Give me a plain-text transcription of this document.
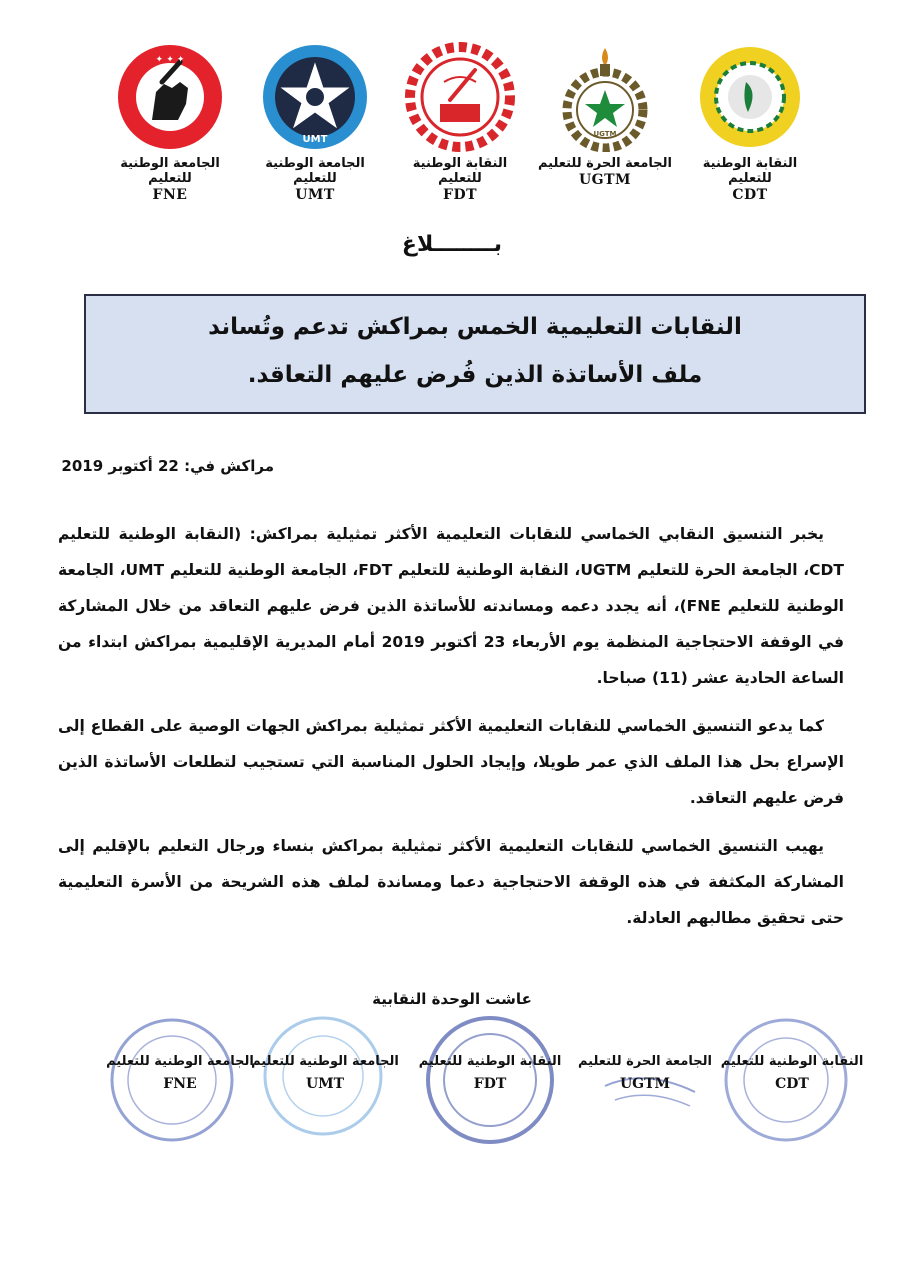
✦ ✦ ✦
الجامعة الوطنية للتعليم
FNE
UMT
الجامعة الوطنية للتعليم
UMT
النقابة الوطنية للتعليم
FDT
UGTM
الجامعة الحرة للتعليم
UGTM
النقابة الوطنية للتعليم
CDT
بــــــــلاغ
النقابات التعليمية الخمس بمراكش تدعم وتُساند
ملف الأساتذة الذين فُرض عليهم التعاقد.
مراكش في: 22 أكتوبر 2019

يخبر التنسيق النقابي الخماسي للنقابات التعليمية الأكثر تمثيلية بمراكش: (النقابة الوطنية للتعليم CDT، الجامعة الحرة للتعليم UGTM، النقابة الوطنية للتعليم FDT، الجامعة الوطنية للتعليم UMT، الجامعة الوطنية للتعليم FNE)، أنه يجدد دعمه ومساندته للأساتذة الذين فرض عليهم التعاقد من خلال المشاركة في الوقفة الاحتجاجية المنظمة يوم الأربعاء 23 أكتوبر 2019 أمام المديرية الإقليمية بمراكش ابتداء من الساعة الحادية عشر (11) صباحا.

كما يدعو التنسيق الخماسي للنقابات التعليمية الأكثر تمثيلية بمراكش الجهات الوصية على القطاع إلى الإسراع بحل هذا الملف الذي عمر طويلا، وإيجاد الحلول المناسبة التي تستجيب لتطلعات الأساتذة الذين فرض عليهم التعاقد.

يهيب التنسيق الخماسي للنقابات التعليمية الأكثر تمثيلية بمراكش بنساء ورجال التعليم بالإقليم إلى المشاركة المكثفة في هذه الوقفة الاحتجاجية دعما ومساندة لملف هذه الشريحة من الأسرة التعليمية حتى تحقيق مطالبهم العادلة.

عاشت الوحدة النقابية
الجامعة الوطنية للتعليم
FNE
الجامعة الوطنية للتعليم
UMT
النقابة الوطنية للتعليم
FDT
الجامعة الحرة للتعليم
UGTM
النقابة الوطنية للتعليم
CDT
